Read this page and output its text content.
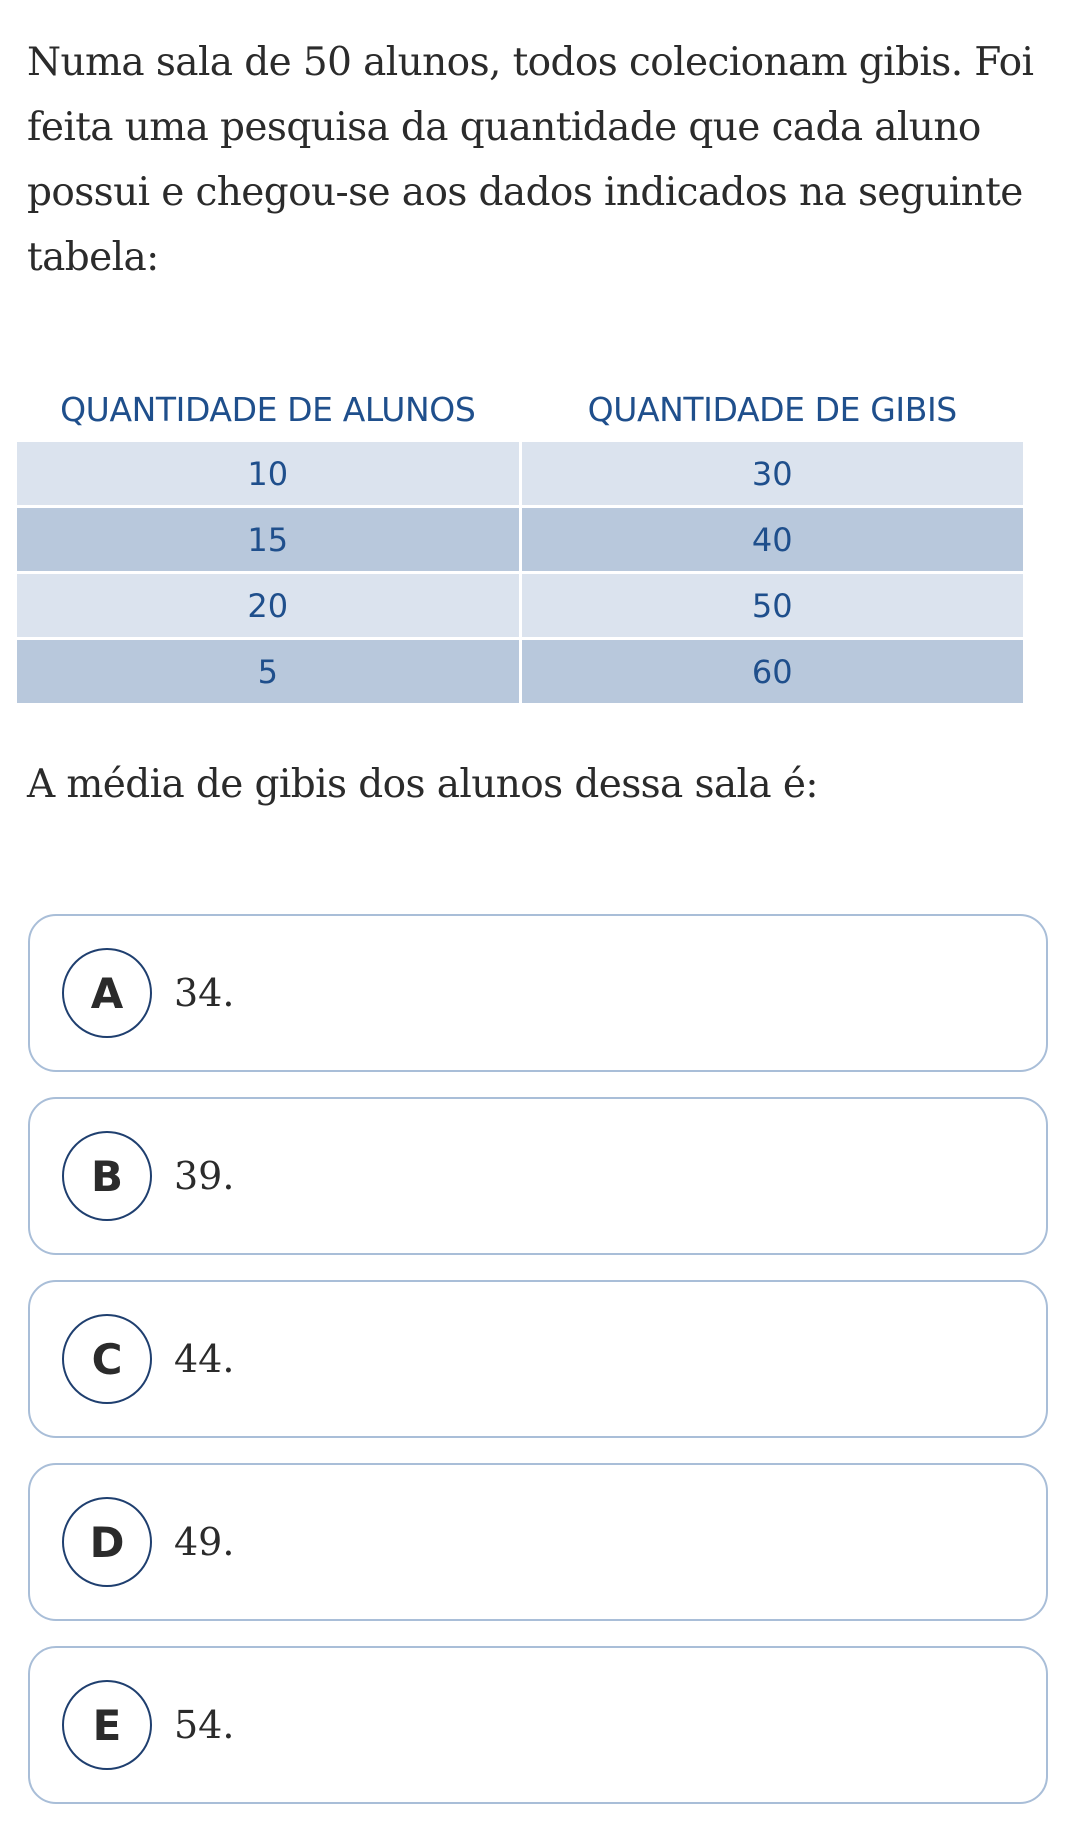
Numa sala de 50 alunos, todos colecionam gibis. Foi feita uma pesquisa da quantidade que cada aluno possui e chegou-se aos dados indicados na seguinte tabela:

QUANTIDADE DE ALUNOS	QUANTIDADE DE GIBIS
10	30
15	40
20	50
5	60

A média de gibis dos alunos dessa sala é:

A	34.
B	39.
C	44.
D	49.
E	54.
